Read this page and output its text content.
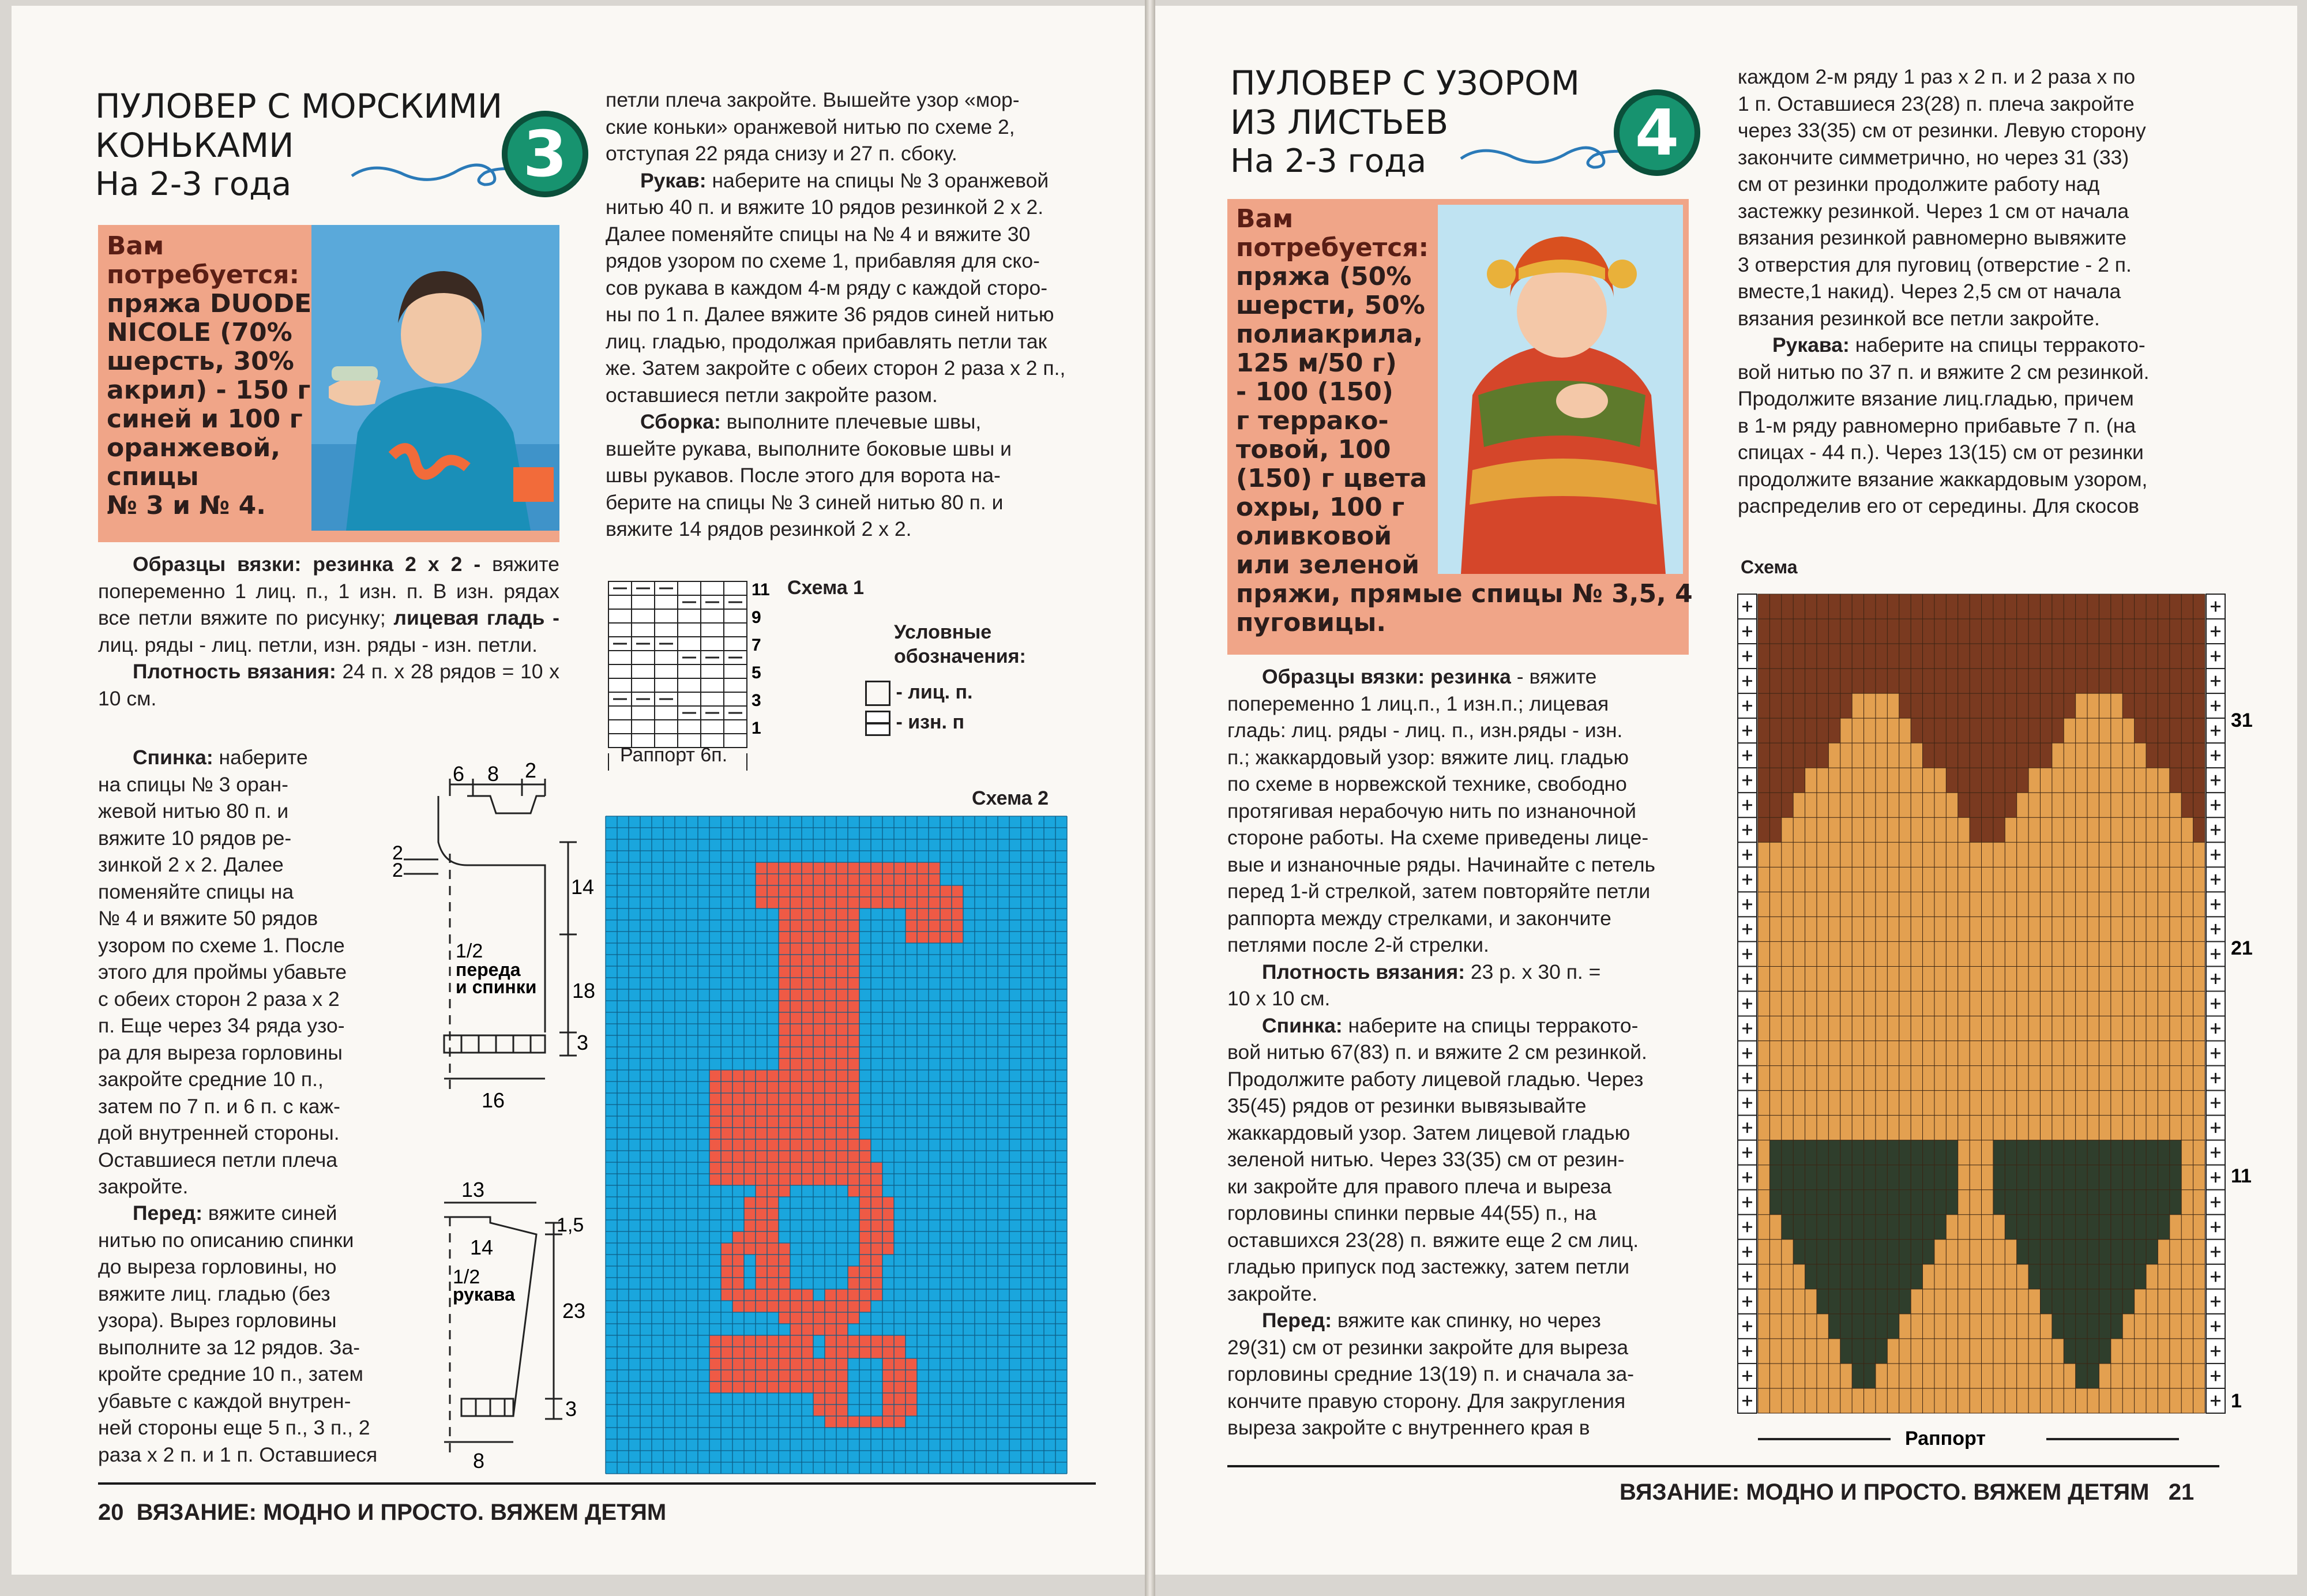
ПУЛОВЕР С МОРСКИМИ
КОНЬКАМИ
На 2-3 года	3
Вам
потребуется:
пряжа DUODE
NICOLE (70%
шерсть, 30%
акрил) - 150 г
синей и 100 г
оранжевой,
спицы
№ 3 и № 4.

Образцы вязки: резинка 2 х 2 - вяжите попеременно 1 лиц. п., 1 изн. п. В изн. рядах все петли вяжите по рисунку; лицевая гладь - лиц. ряды - лиц. петли, изн. ряды - изн. петли.

Плотность вязания: 24 п. x 28 рядов = 10 x 10 см.

Спинка: наберите
на спицы № 3 оран-
жевой нитью 80 п. и
вяжите 10 рядов ре-
зинкой 2 х 2. Далее
поменяйте спицы на
№ 4 и вяжите 50 рядов
узором по схеме 1. После
этого для проймы убавьте
с обеих сторон 2 раза х 2
п. Еще через 34 ряда узо-
ра для выреза горловины
закройте средние 10 п.,
затем по 7 п. и 6 п. с каж-
дой внутренней стороны.
Оставшиеся петли плеча
закройте.
Перед: вяжите синей
нитью по описанию спинки
до выреза горловины, но
вяжите лиц. гладью (без
узора). Вырез горловины
выполните за 12 рядов. За-
кройте средние 10 п., затем
убавьте с каждой внутрен-
ней стороны еще 5 п., 3 п., 2
раза х 2 п. и 1 п. Оставшиеся
6 8 2
14
18
3
2
2
1/2
переда
и спинки
16
13
1,5
23
3
14
1/2
рукава
8
петли плеча закройте. Вышейте узор «мор-
ские коньки» оранжевой нитью по схеме 2,
отступая 22 ряда снизу и 27 п. сбоку.
Рукав: наберите на спицы № 3 оранжевой
нитью 40 п. и вяжите 10 рядов резинкой 2 х 2.
Далее поменяйте спицы на № 4 и вяжите 30
рядов узором по схеме 1, прибавляя для ско-
сов рукава в каждом 4-м ряду с каждой сторо-
ны по 1 п. Далее вяжите 36 рядов синей нитью
лиц. гладью, продолжая прибавлять петли так
же. Затем закройте с обеих сторон 2 раза х 2 п.,
оставшиеся петли закройте разом.
Сборка: выполните плечевые швы,
вшейте рукава, выполните боковые швы и
швы рукавов. После этого для ворота на-
берите на спицы № 3 синей нитью 80 п. и
вяжите 14 рядов резинкой 2 х 2.
11
9
7
5
3
1
Схема 1
Раппорт 6п.
Условные
обозначения:
- лиц. п.
- изн. п
Схема 2
20 ВЯЗАНИЕ: МОДНО И ПРОСТО. ВЯЖЕМ ДЕТЯМ
ПУЛОВЕР С УЗОРОМ
ИЗ ЛИСТЬЕВ
На 2-3 года	4
Вам
потребуется:
пряжа (50%
шерсти, 50%
полиакрила,
125 м/50 г)
- 100 (150)
г террако-
товой, 100
(150) г цвета
охры, 100 г
оливковой
или зеленой
пряжи, прямые спицы № 3,5, 4
пуговицы.
Образцы вязки: резинка - вяжите
попеременно 1 лиц.п., 1 изн.п.; лицевая
гладь: лиц. ряды - лиц. п., изн.ряды - изн.
п.; жаккардовый узор: вяжите лиц. гладью
по схеме в норвежской технике, свободно
протягивая нерабочую нить по изнаночной
стороне работы. На схеме приведены лице-
вые и изнаночные ряды. Начинайте с петель
перед 1-й стрелкой, затем повторяйте петли
раппорта между стрелками, и закончите
петлями после 2-й стрелки.
Плотность вязания: 23 р. x 30 п. =
10 x 10 см.
Спинка: наберите на спицы терракото-
вой нитью 67(83) п. и вяжите 2 см резинкой.
Продолжите работу лицевой гладью. Через
35(45) рядов от резинки вывязывайте
жаккардовый узор. Затем лицевой гладью
зеленой нитью. Через 33(35) см от резин-
ки закройте для правого плеча и выреза
горловины спинки первые 44(55) п., на
оставшихся 23(28) п. вяжите еще 2 см лиц.
гладью припуск под застежку, затем петли
закройте.
Перед: вяжите как спинку, но через
29(31) см от резинки закройте для выреза
горловины средние 13(19) п. и сначала за-
кончите правую сторону. Для закругления
выреза закройте с внутреннего края в
каждом 2-м ряду 1 раз х 2 п. и 2 раза х по
1 п. Оставшиеся 23(28) п. плеча закройте
через 33(35) см от резинки. Левую сторону
закончите симметрично, но через 31 (33)
см от резинки продолжите работу над
застежку резинкой. Через 1 см от начала
вязания резинкой равномерно вывяжите
3 отверстия для пуговиц (отверстие - 2 п.
вместе,1 накид). Через 2,5 см от начала
вязания резинкой все петли закройте.
Рукава: наберите на спицы терракото-
вой нитью по 37 п. и вяжите 2 см резинкой.
Продолжите вязание лиц.гладью, причем
в 1-м ряду равномерно прибавьте 7 п. (на
спицах - 44 п.). Через 13(15) см от резинки
продолжите вязание жаккардовым узором,
распределив его от середины. Для скосов
Схема
31
21
11
1
Раппорт
ВЯЗАНИЕ: МОДНО И ПРОСТО. ВЯЖЕМ ДЕТЯМ 21
